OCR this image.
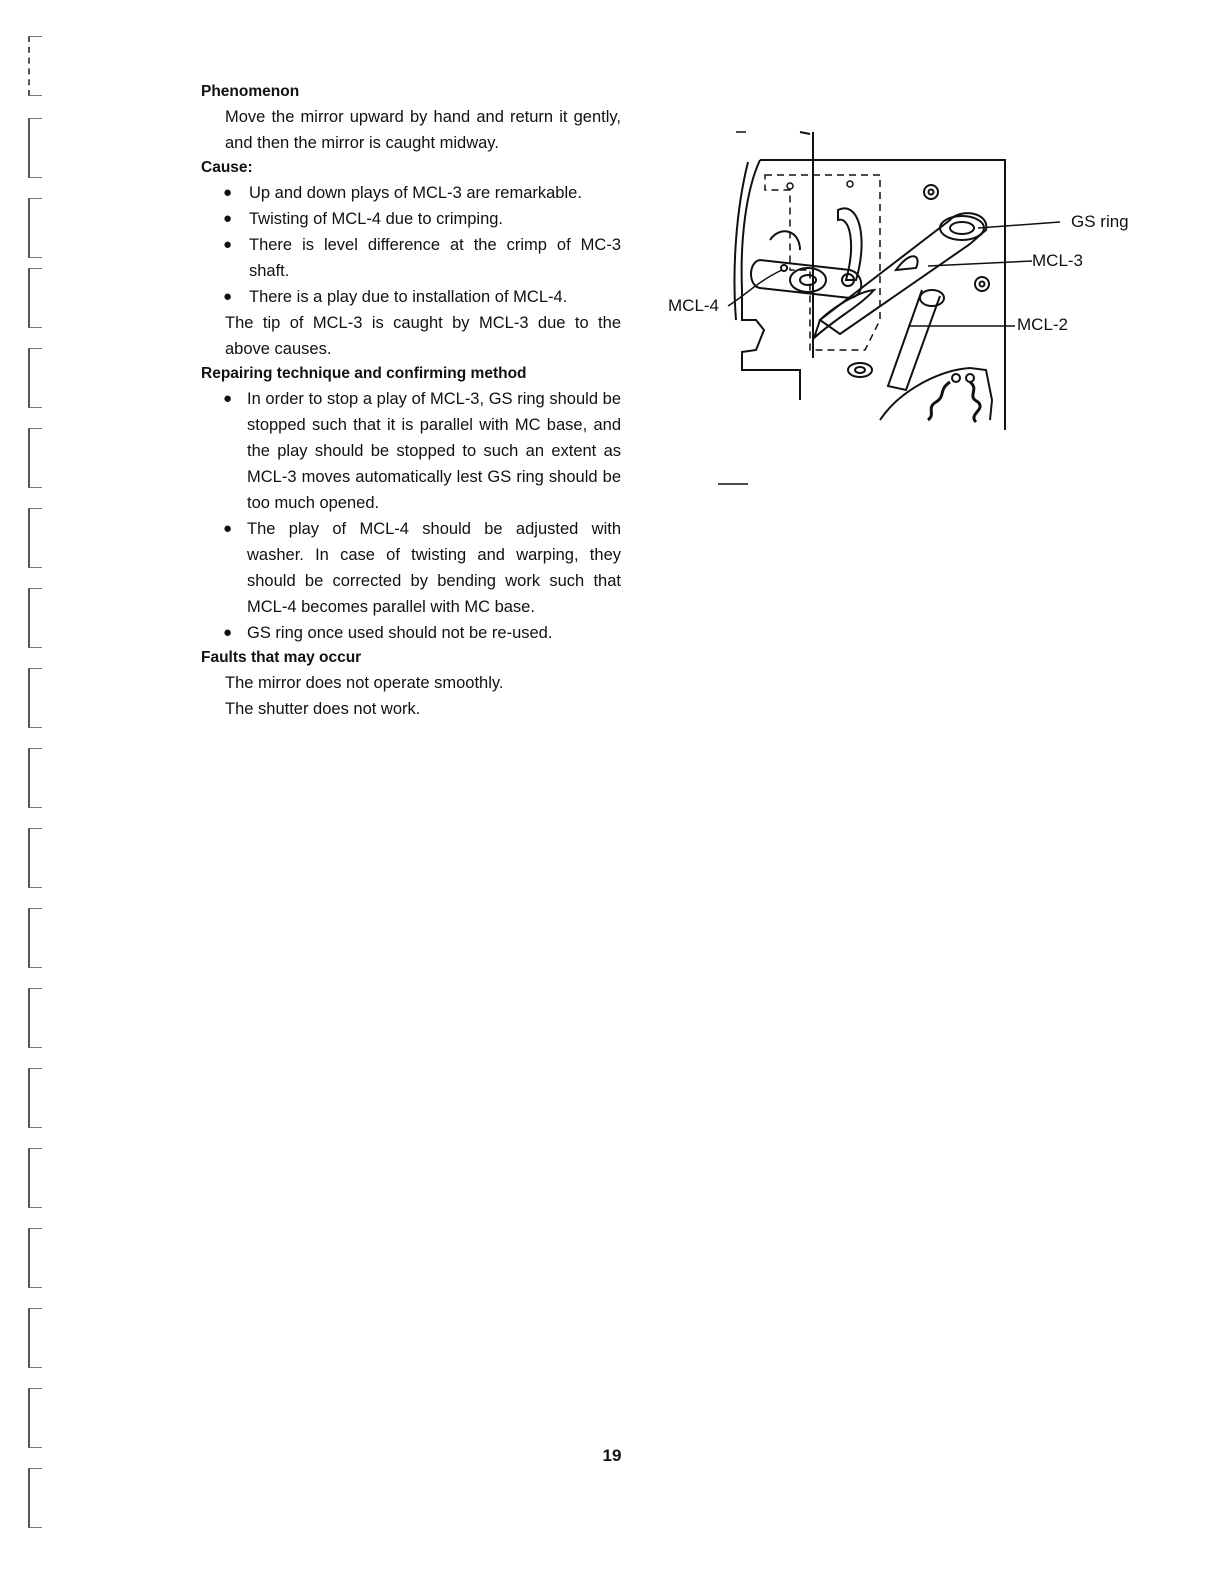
Phenomenon

Move the mirror upward by hand and return it gently, and then the mirror is caught midway.

Cause:
● Up and down plays of MCL-3 are remarkable.
● Twisting of MCL-4 due to crimping.
● There is level difference at the crimp of MC-3 shaft.
● There is a play due to installation of MCL-4.

The tip of MCL-3 is caught by MCL-3 due to the above causes.

Repairing technique and confirming method
● In order to stop a play of MCL-3, GS ring should be stopped such that it is parallel with MC base, and the play should be stopped to such an extent as MCL-3 moves automatically lest GS ring should be too much opened.
● The play of MCL-4 should be adjusted with washer. In case of twisting and warping, they should be corrected by bending work such that MCL-4 becomes parallel with MC base.
● GS ring once used should not be re-used.
Faults that may occur

The mirror does not operate smoothly.

The shutter does not work.

GS ring
MCL-3
MCL-2
MCL-4
19
